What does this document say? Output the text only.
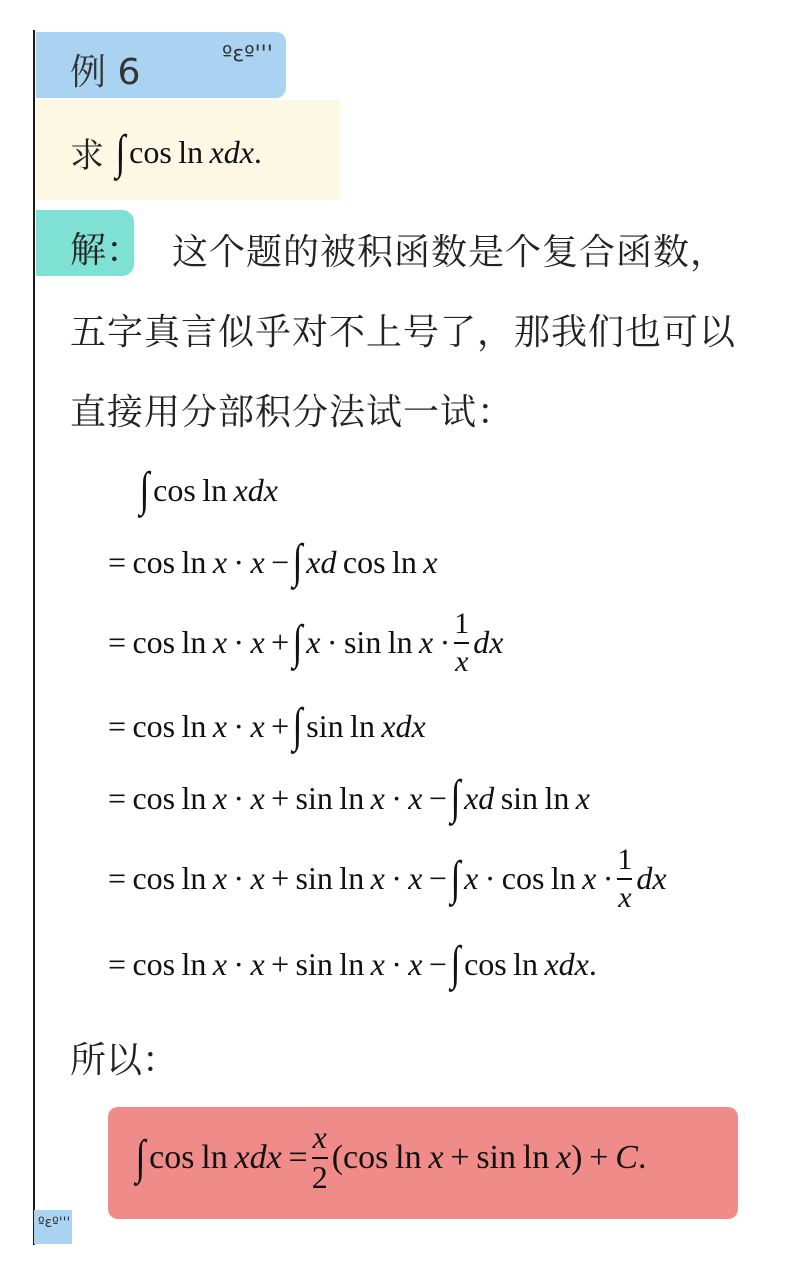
例 6	ºεº'''
求 ∫ cos ln  xdx .
解： 这个题的被积函数是个复合函数，
五字真言似乎对不上号了，那我们也可以
直接用分部积分法试一试：
∫ cos ln  xdx
= cos ln  x  ·  x  − ∫ xd  cos ln  x
= cos ln  x  ·  x  + ∫ $x \cdot \sin \ln x \cdot \frac{1}{x}$ dx
= cos ln  x  ·  x  + ∫ sin ln  xdx
= cos ln  x  ·  x  + sin ln  x  ·  x  − ∫ xd  sin ln  x
= cos ln  x  ·  x  + sin ln  x  ·  x  − ∫ $x \cdot \cos \ln x \cdot \frac{1}{x}$ dx
= cos ln  x  ·  x  + sin ln  x  ·  x  − ∫ cos ln  xdx .
所以：
∫ cos ln  xdx  = $\frac{x}{2} (\cos$ ln  x  + sin ln  x ) +  C .
ºεº'''
